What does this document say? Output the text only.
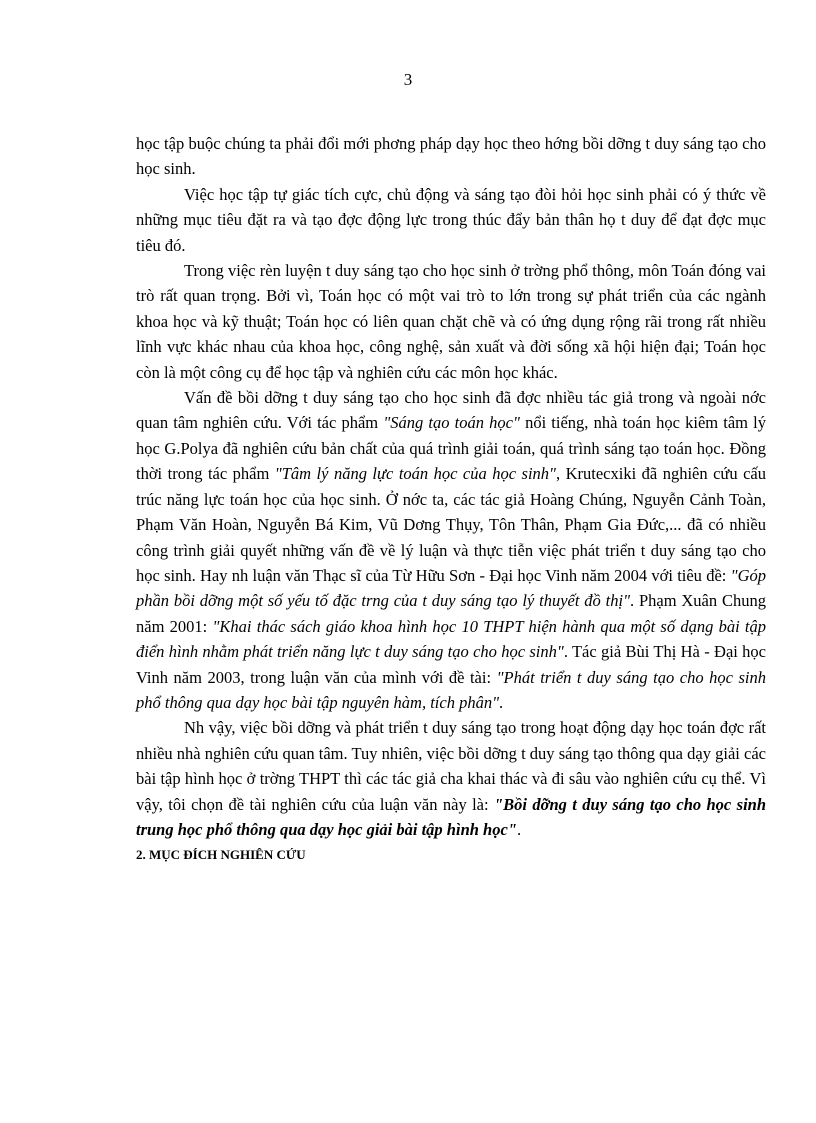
3

học tập buộc chúng ta phải đổi mới phơng pháp dạy học theo hớng bồi dỡng t duy sáng tạo cho học sinh.

Việc học tập tự giác tích cực, chủ động và sáng tạo đòi hỏi học sinh phải có ý thức về những mục tiêu đặt ra và tạo đợc động lực trong thúc đẩy bản thân họ t duy để đạt đợc mục tiêu đó.

Trong việc rèn luyện t duy sáng tạo cho học sinh ở trờng phổ thông, môn Toán đóng vai trò rất quan trọng. Bởi vì, Toán học có một vai trò to lớn trong sự phát triển của các ngành khoa học và kỹ thuật; Toán học có liên quan chặt chẽ và có ứng dụng rộng rãi trong rất nhiều lĩnh vực khác nhau của khoa học, công nghệ, sản xuất và đời sống xã hội hiện đại; Toán học còn là một công cụ để học tập và nghiên cứu các môn học khác.

Vấn đề bồi dỡng t duy sáng tạo cho học sinh đã đợc nhiều tác giả trong và ngoài nớc quan tâm nghiên cứu. Với tác phẩm "Sáng tạo toán học" nổi tiếng, nhà toán học kiêm tâm lý học G.Polya đã nghiên cứu bản chất của quá trình giải toán, quá trình sáng tạo toán học. Đồng thời trong tác phẩm "Tâm lý năng lực toán học của học sinh", Krutecxiki đã nghiên cứu cấu trúc năng lực toán học của học sinh. Ở nớc ta, các tác giả Hoàng Chúng, Nguyễn Cảnh Toàn, Phạm Văn Hoàn, Nguyễn Bá Kim, Vũ Dơng Thụy, Tôn Thân, Phạm Gia Đức,... đã có nhiều công trình giải quyết những vấn đề về lý luận và thực tiễn việc phát triển t duy sáng tạo cho học sinh. Hay nh luận văn Thạc sĩ của Từ Hữu Sơn - Đại học Vinh năm 2004 với tiêu đề: "Góp phần bồi dỡng một số yếu tố đặc trng của t duy sáng tạo lý thuyết đồ thị". Phạm Xuân Chung năm 2001: "Khai thác sách giáo khoa hình học 10 THPT hiện hành qua một số dạng bài tập điển hình nhằm phát triển năng lực t duy sáng tạo cho học sinh". Tác giả Bùi Thị Hà - Đại học Vinh năm 2003, trong luận văn của mình với đề tài: "Phát triển t duy sáng tạo cho học sinh phổ thông qua dạy học bài tập nguyên hàm, tích phân".

Nh vậy, việc bồi dỡng và phát triển t duy sáng tạo trong hoạt động dạy học toán đợc rất nhiều nhà nghiên cứu quan tâm. Tuy nhiên, việc bồi dỡng t duy sáng tạo thông qua dạy giải các bài tập hình học ở trờng THPT thì các tác giả cha khai thác và đi sâu vào nghiên cứu cụ thể. Vì vậy, tôi chọn đề tài nghiên cứu của luận văn này là: "Bồi dỡng t duy sáng tạo cho học sinh trung học phổ thông qua dạy học giải bài tập hình học".

2. MỤC ĐÍCH NGHIÊN CỨU
